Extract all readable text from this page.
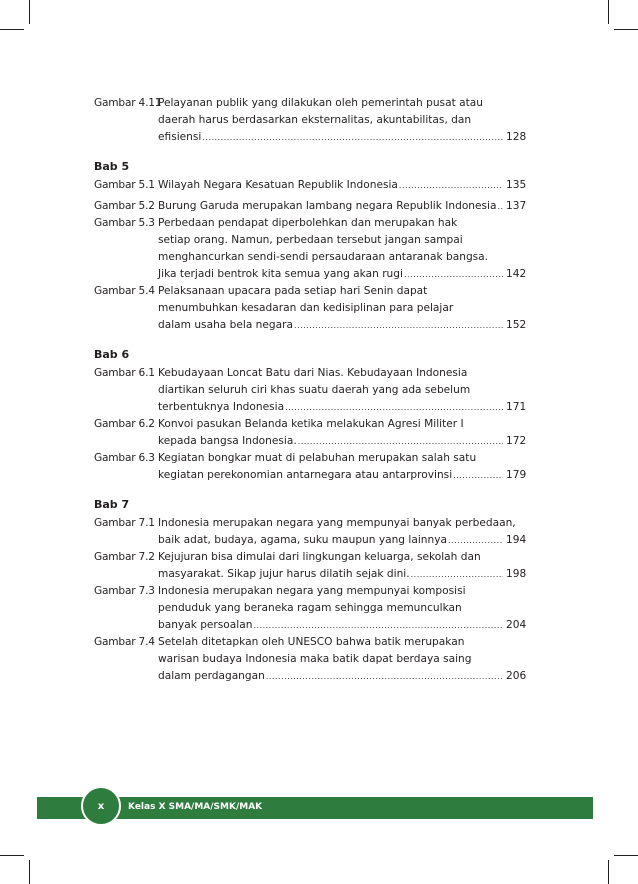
Gambar 4.11
Pelayanan publik yang dilakukan oleh pemerintah pusat atau
daerah harus berdasarkan eksternalitas, akuntabilitas, dan
efisiensi .....	128
Bab 5
Gambar 5.1 Wilayah Negara Kesatuan Republik Indonesia .....	135
Gambar 5.2 Burung Garuda merupakan lambang negara Republik Indonesia ..... 137
Gambar 5.3 Perbedaan pendapat diperbolehkan dan merupakan hak
setiap orang. Namun, perbedaan tersebut jangan sampai
menghancurkan sendi-sendi persaudaraan antaranak bangsa.
Jika terjadi bentrok kita semua yang akan rugi .....	142
Gambar 5.4 Pelaksanaan upacara pada setiap hari Senin dapat
menumbuhkan kesadaran dan kedisiplinan para pelajar
dalam usaha bela negara .....	152
Bab 6
Gambar 6.1 Kebudayaan Loncat Batu dari Nias. Kebudayaan Indonesia
diartikan seluruh ciri khas suatu daerah yang ada sebelum
terbentuknya Indonesia .....	171
Gambar 6.2 Konvoi pasukan Belanda ketika melakukan Agresi Militer I
kepada bangsa Indonesia. .....	172
Gambar 6.3 Kegiatan bongkar muat di pelabuhan merupakan salah satu
kegiatan perekonomian antarnegara atau antarprovinsi .....	179
Bab 7
Gambar 7.1 Indonesia merupakan negara yang mempunyai banyak perbedaan,
baik adat, budaya, agama, suku maupun yang lainnya .....	194
Gambar 7.2 Kejujuran bisa dimulai dari lingkungan keluarga, sekolah dan
masyarakat. Sikap jujur harus dilatih sejak dini. .....	198
Gambar 7.3 Indonesia merupakan negara yang mempunyai komposisi
penduduk yang beraneka ragam sehingga memunculkan
banyak persoalan .....	204
Gambar 7.4 Setelah ditetapkan oleh UNESCO bahwa batik merupakan
warisan budaya Indonesia maka batik dapat berdaya saing
dalam perdagangan .....	206
x	Kelas X SMA/MA/SMK/MAK
